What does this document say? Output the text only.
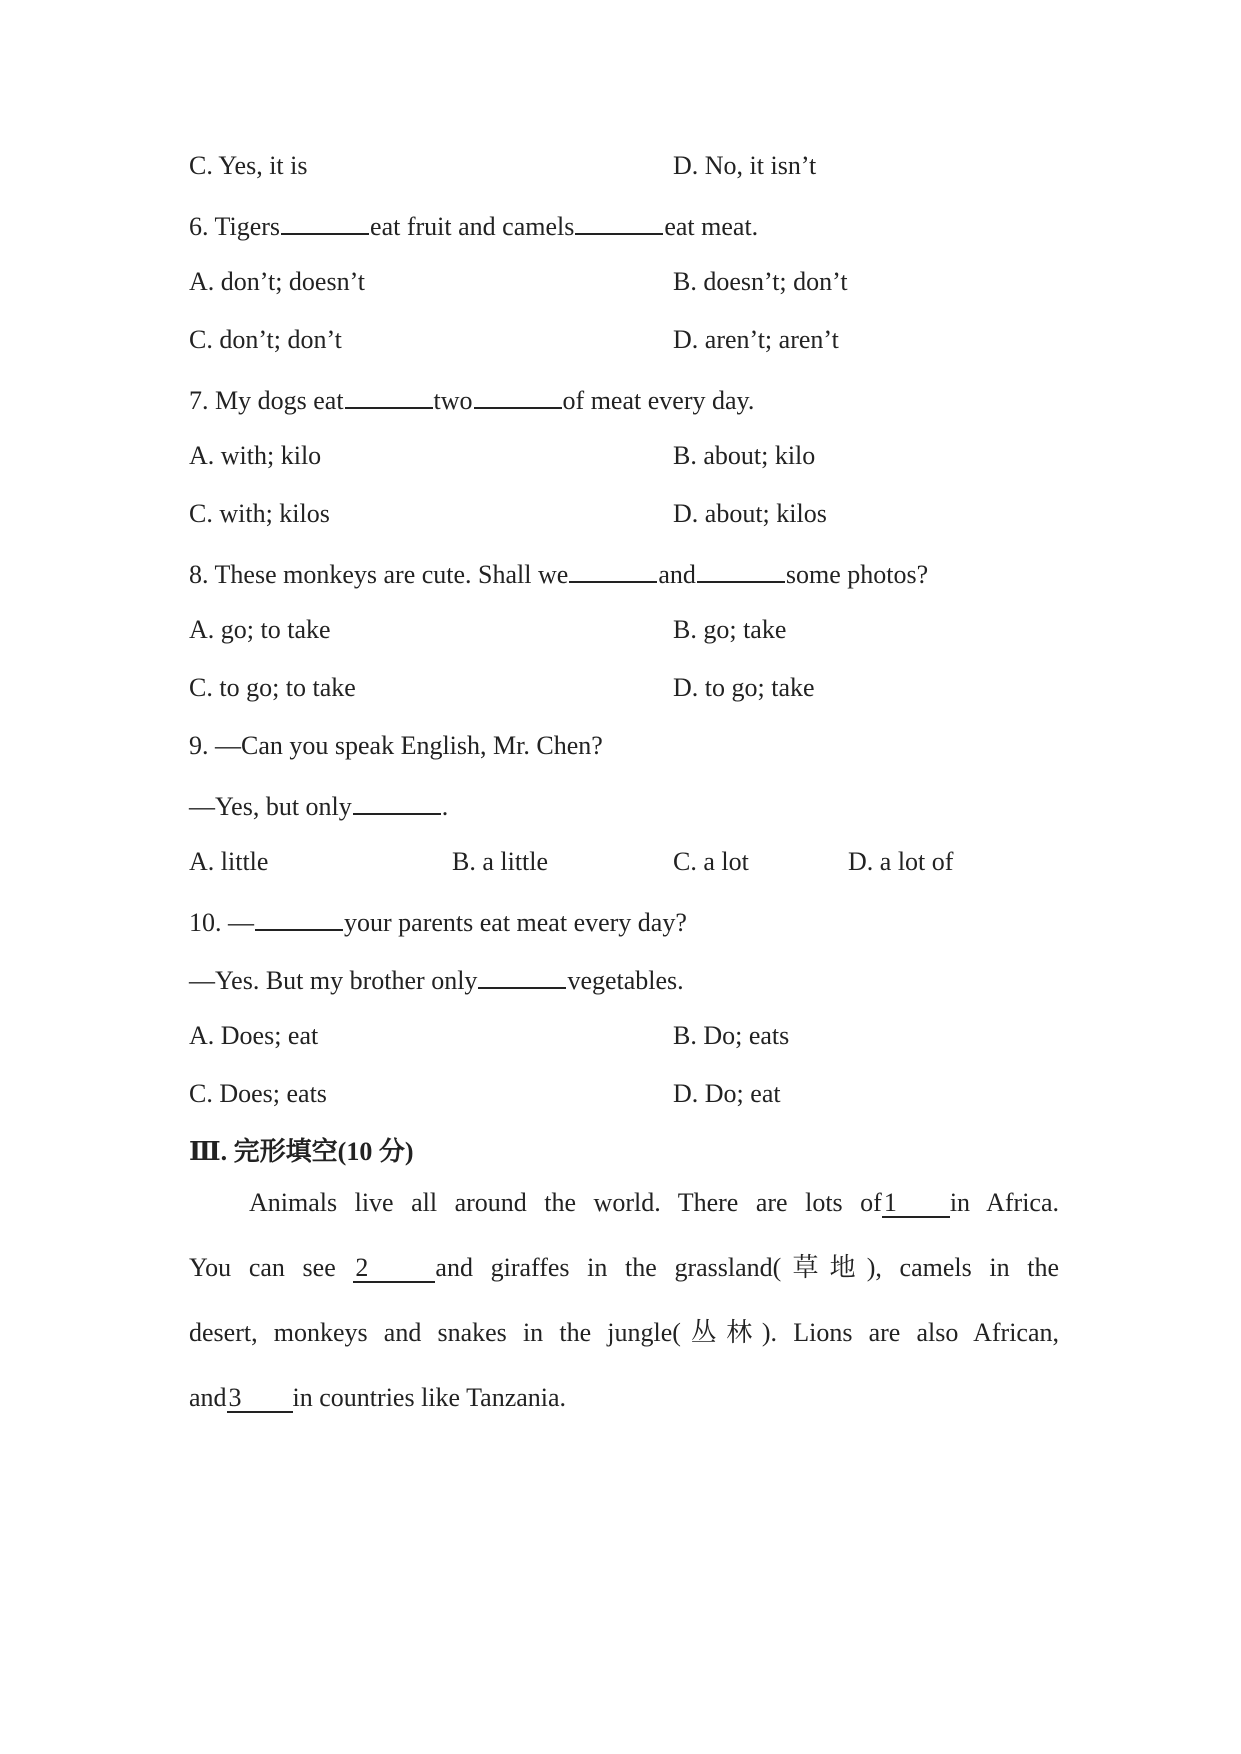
C. Yes, it is	D. No, it isn’t
6. Tigers	eat fruit and camels	eat meat.
A. don’t; doesn’t	B. doesn’t; don’t
C. don’t; don’t	D. aren’t; aren’t
7. My dogs eat	two	of meat every day.
A. with; kilo	B. about; kilo
C. with; kilos	D. about; kilos
8. These monkeys are cute. Shall we	and	some photos?
A. go; to take	B. go; take
C. to go; to take	D. to go; take
9. —Can you speak English, Mr. Chen?
—Yes, but only	.
A. little	B. a little	C. a lot	D. a lot of
10. —	your parents eat meat every day?
—Yes. But my brother only	vegetables.
A. Does; eat	B. Do; eats
C. Does; eats	D. Do; eat
Ⅲ. 完形填空(10 分)
Animals live all around the world. There are lots of1 in Africa.
You can see 2	and giraffes in the grassland(草地), camels in the
desert, monkeys and snakes in the jungle(丛林). Lions are also African,
and3 in countries like Tanzania.
